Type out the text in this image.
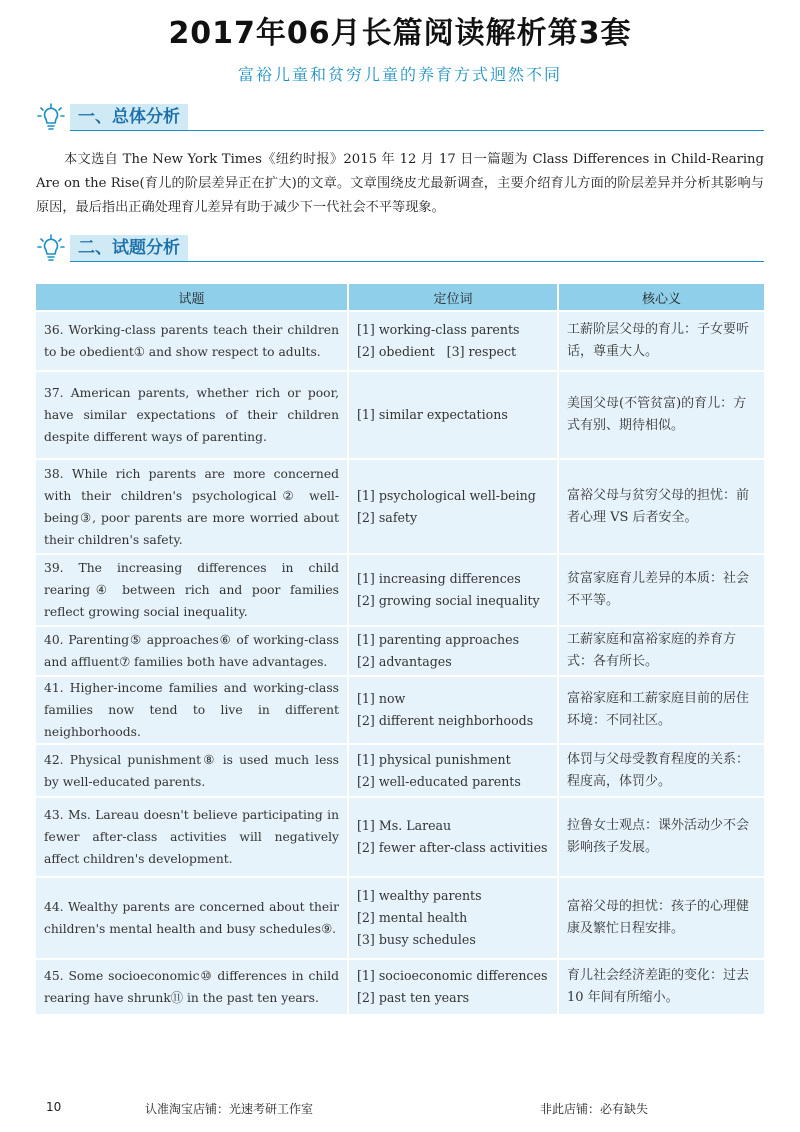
2017年06月长篇阅读解析第3套
富裕儿童和贫穷儿童的养育方式迥然不同
一、总体分析

本文选自 The New York Times《纽约时报》2015 年 12 月 17 日一篇题为 Class Differences in Child-Rearing Are on the Rise(育儿的阶层差异正在扩大)的文章。文章围绕皮尤最新调查，主要介绍育儿方面的阶层差异并分析其影响与原因，最后指出正确处理育儿差异有助于减少下一代社会不平等现象。

二、试题分析
试题	定位词	核心义
36. Working-class parents teach their children to be obedient① and show respect to adults.	[1] working-class parents
[2] obedient   [3] respect	工薪阶层父母的育儿：子女要听话，尊重大人。
37. American parents, whether rich or poor, have similar expectations of their children despite different ways of parenting.	[1] similar expectations	美国父母(不管贫富)的育儿：方式有别、期待相似。
38. While rich parents are more concerned with their children's psychological② well-being③, poor parents are more worried about their children's safety.	[1] psychological well-being
[2] safety	富裕父母与贫穷父母的担忧：前者心理 VS 后者安全。
39. The increasing differences in child rearing④ between rich and poor families reflect growing social inequality.	[1] increasing differences
[2] growing social inequality	贫富家庭育儿差异的本质：社会不平等。
40. Parenting⑤ approaches⑥ of working-class and affluent⑦ families both have advantages.	[1] parenting approaches
[2] advantages	工薪家庭和富裕家庭的养育方式：各有所长。
41. Higher-income families and working-class families now tend to live in different neighborhoods.	[1] now
[2] different neighborhoods	富裕家庭和工薪家庭目前的居住环境：不同社区。
42. Physical punishment⑧ is used much less by well-educated parents.	[1] physical punishment
[2] well-educated parents	体罚与父母受教育程度的关系：程度高，体罚少。
43. Ms. Lareau doesn't believe participating in fewer after-class activities will negatively affect children's development.	[1] Ms. Lareau
[2] fewer after-class activities	拉鲁女士观点：课外活动少不会影响孩子发展。
44. Wealthy parents are concerned about their children's mental health and busy schedules⑨.	[1] wealthy parents
[2] mental health
[3] busy schedules	富裕父母的担忧：孩子的心理健康及繁忙日程安排。
45. Some socioeconomic⑩ differences in child rearing have shrunk⑪ in the past ten years.	[1] socioeconomic differences
[2] past ten years	育儿社会经济差距的变化：过去 10 年间有所缩小。
10	认准淘宝店铺：光速考研工作室	非此店铺：必有缺失
